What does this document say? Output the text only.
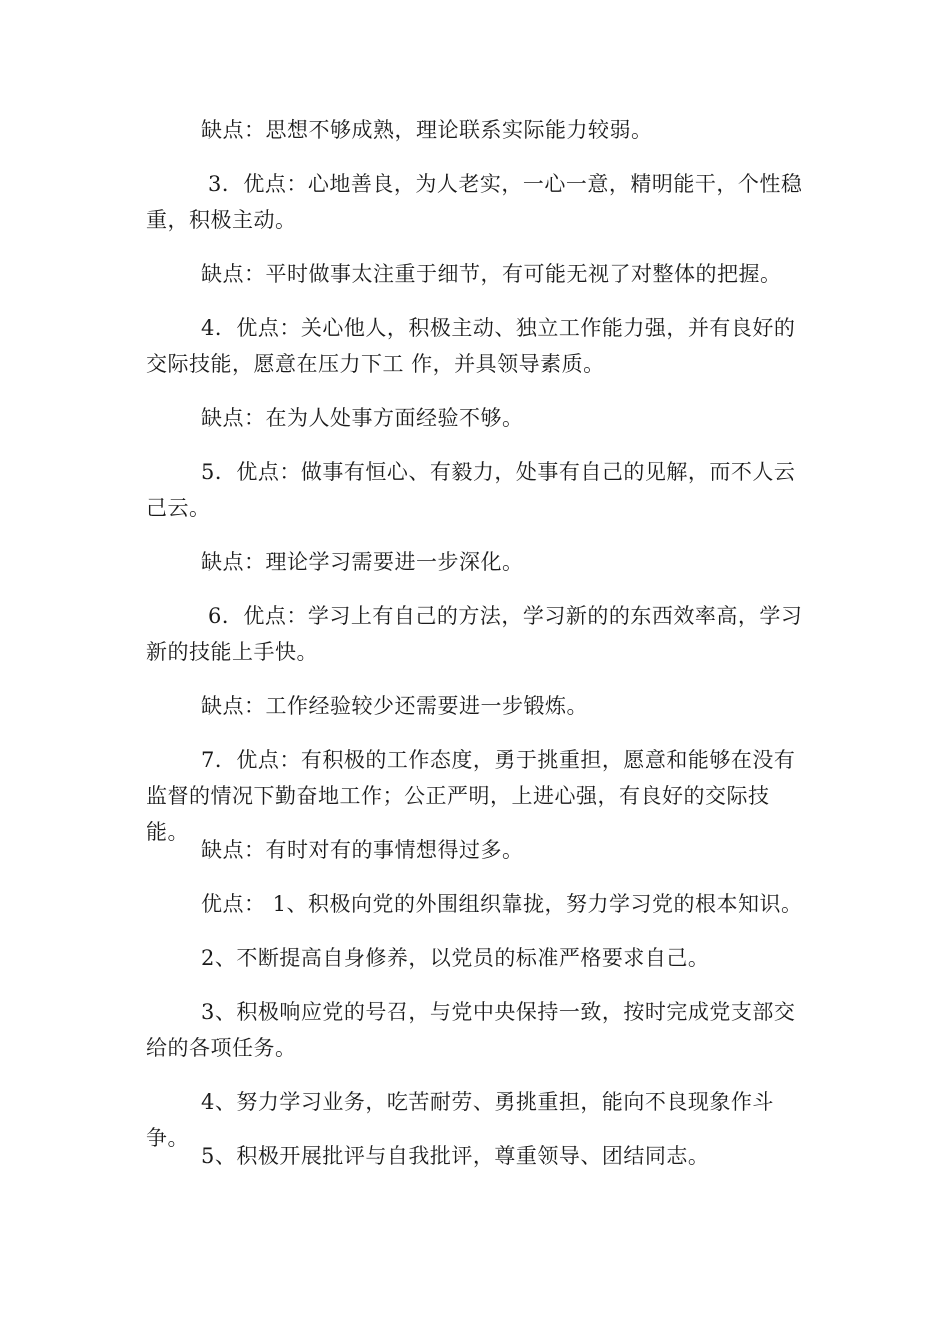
缺点：思想不够成熟，理论联系实际能力较弱。

3．优点：心地善良，为人老实，一心一意，精明能干，个性稳重，积极主动。

缺点：平时做事太注重于细节，有可能无视了对整体的把握。

4．优点：关心他人，积极主动、独立工作能力强，并有良好的交际技能，愿意在压力下工 作，并具领导素质。

缺点：在为人处事方面经验不够。

5．优点：做事有恒心、有毅力，处事有自己的见解，而不人云己云。

缺点：理论学习需要进一步深化。

6．优点：学习上有自己的方法，学习新的的东西效率高，学习新的技能上手快。

缺点：工作经验较少还需要进一步锻炼。

7．优点：有积极的工作态度，勇于挑重担，愿意和能够在没有监督的情况下勤奋地工作；公正严明，上进心强，有良好的交际技能。

缺点：有时对有的事情想得过多。

优点： 1、积极向党的外围组织靠拢，努力学习党的根本知识。

2、不断提高自身修养，以党员的标准严格要求自己。

3、积极响应党的号召，与党中央保持一致，按时完成党支部交给的各项任务。

4、努力学习业务，吃苦耐劳、勇挑重担，能向不良现象作斗争。

5、积极开展批评与自我批评，尊重领导、团结同志。
